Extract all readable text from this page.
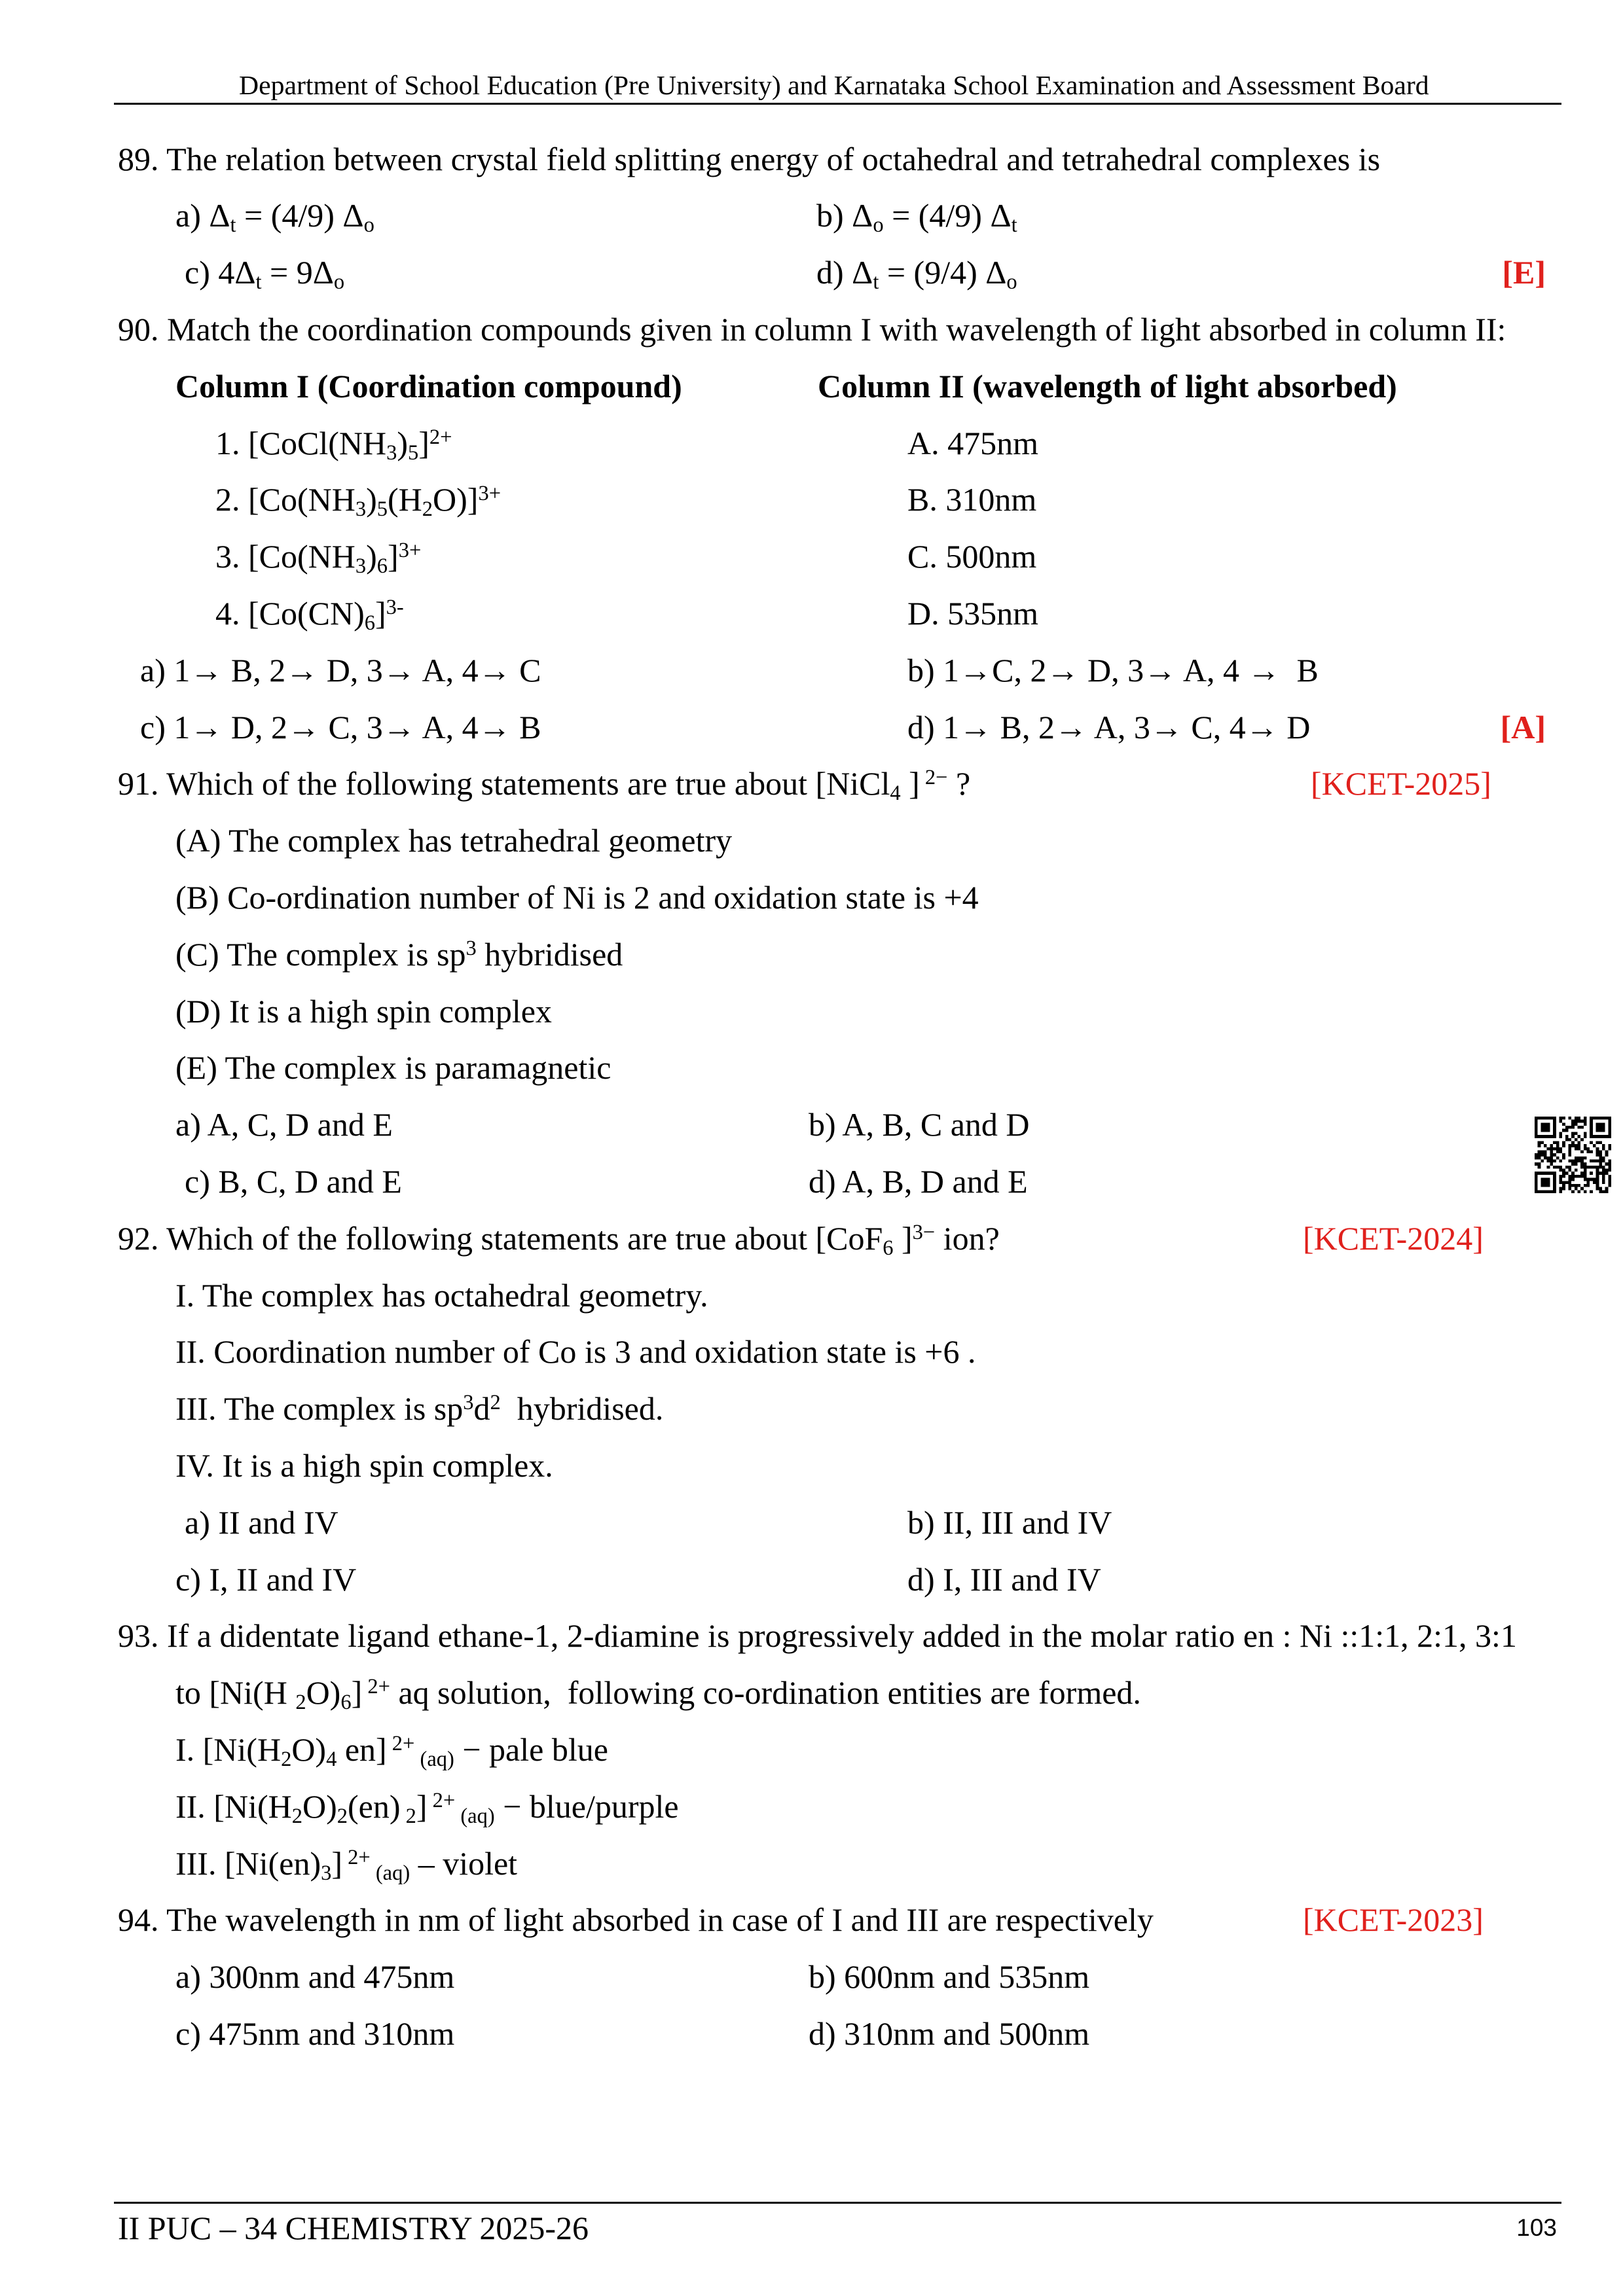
Department of School Education (Pre University) and Karnataka School Examination and Assessment Board
89. The relation between crystal field splitting energy of octahedral and tetrahedral complexes is
a) $\Delta_t = (4/9)$ $\Delta_o$	b) $\Delta_o = (4/9)$ $\Delta_t$
c) $4\Delta_t = 9\Delta_o$	d) $\Delta_t = (9/4)$ $\Delta_o$	[E]
90. Match the coordination compounds given in column I with wavelength of light absorbed in column II:
Column I (Coordination compound)	Column II (wavelength of light absorbed)
1. $[CoCl(NH_3)_5]^{2+}$	A. 475nm
2. $[Co(NH_3)_5(H_2O)]^{3+}$	B. 310nm
3. $[Co(NH_3)_6]^{3+}$	C. 500nm
4. $[Co(CN)_6]^{3-}$	D. 535nm
a) 1→ B, 2→ D, 3→ A, 4→ C	b) 1→C, 2→ D, 3→ A, 4 →  B
c) 1→ D, 2→ C, 3→ A, 4→ B	d) 1→ B, 2→ A, 3→ C, 4→ D	[A]
91. Which of the following statements are true about [NiCl$_4$ ] $^{2-}$ ?	[KCET-2025]
(A) The complex has tetrahedral geometry
(B) Co-ordination number of Ni is 2 and oxidation state is +4
(C) The complex is $sp^3$ hybridised
(D) It is a high spin complex
(E) The complex is paramagnetic
a) A, C, D and E	b) A, B, C and D
c) B, C, D and E	d) A, B, D and E
92. Which of the following statements are true about [CoF$_6$ ]$^{3-}$ ion?	[KCET-2024]
I. The complex has octahedral geometry.
II. Coordination number of Co is 3 and oxidation state is +6 .
III. The complex is $sp^3d^2$  hybridised.
IV. It is a high spin complex.
a) II and IV	b) II, III and IV
c) I, II and IV	d) I, III and IV
93. If a didentate ligand ethane-1, 2-diamine is progressively added in the molar ratio en : Ni ::1:1, 2:1, 3:1
to [Ni(H $_2O)_6$] $^{2+}$ aq solution,  following co-ordination entities are formed.
I. [$Ni(H_2O)_4$ en] $^{2+}$ $_{(aq)}$ − pale blue
II. [$Ni(H_2O)_2(en)$ $_2$] $^{2+}$ $_{(aq)}$ − blue/purple
III. $[Ni(en)_3]$ $^{2+}$ $_{(aq)}$ – violet
94. The wavelength in nm of light absorbed in case of I and III are respectively	[KCET-2023]
a) 300nm and 475nm	b) 600nm and 535nm
c) 475nm and 310nm	d) 310nm and 500nm
II PUC – 34 CHEMISTRY 2025-26	103
